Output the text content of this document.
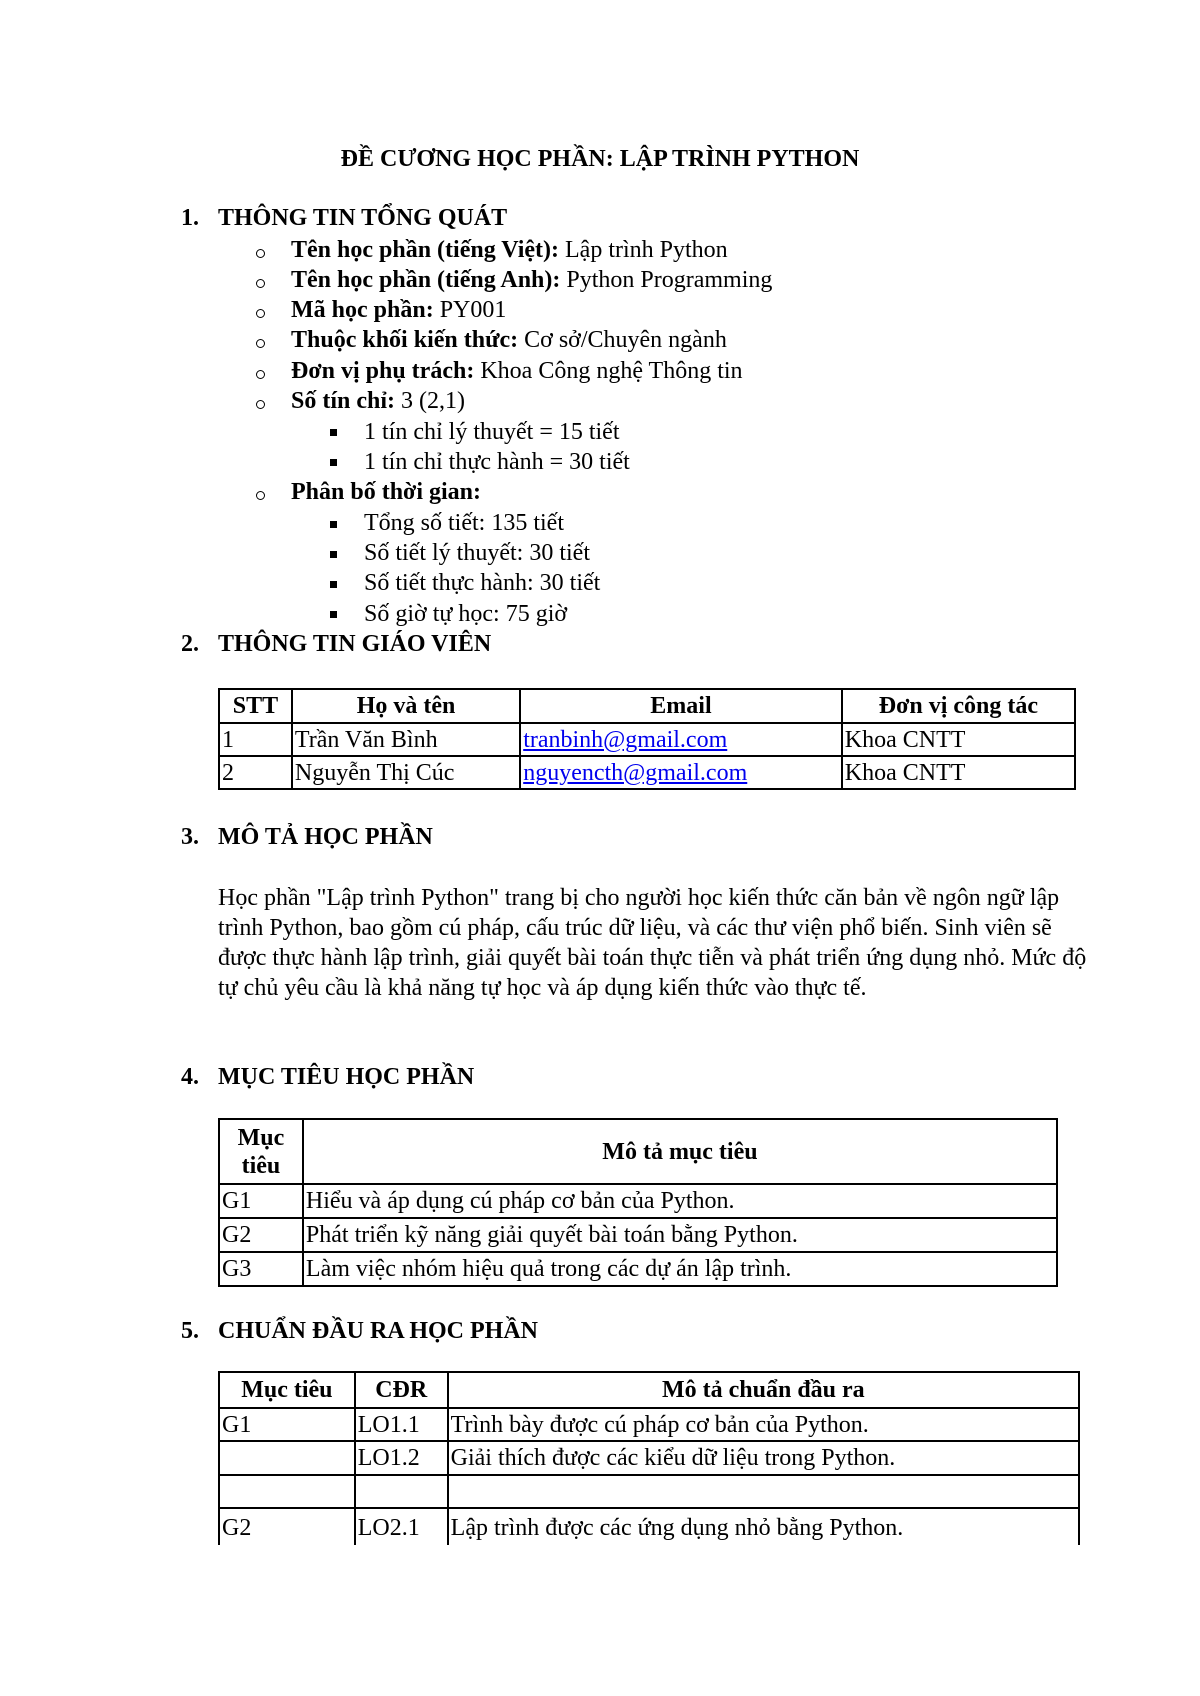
ĐỀ CƯƠNG HỌC PHẦN: LẬP TRÌNH PYTHON
1. THÔNG TIN TỔNG QUÁT
Tên học phần (tiếng Việt): Lập trình Python
Tên học phần (tiếng Anh): Python Programming
Mã học phần: PY001
Thuộc khối kiến thức: Cơ sở/Chuyên ngành
Đơn vị phụ trách: Khoa Công nghệ Thông tin
Số tín chỉ: 3 (2,1)
1 tín chỉ lý thuyết = 15 tiết
1 tín chỉ thực hành = 30 tiết
Phân bố thời gian:
Tổng số tiết: 135 tiết
Số tiết lý thuyết: 30 tiết
Số tiết thực hành: 30 tiết
Số giờ tự học: 75 giờ
2. THÔNG TIN GIÁO VIÊN
STT	Họ và tên	Email	Đơn vị công tác
1	Trần Văn Bình	tranbinh@gmail.com	Khoa CNTT
2	Nguyễn Thị Cúc	nguyencth@gmail.com	Khoa CNTT
3. MÔ TẢ HỌC PHẦN
Học phần "Lập trình Python" trang bị cho người học kiến thức căn bản về ngôn ngữ lập trình Python, bao gồm cú pháp, cấu trúc dữ liệu, và các thư viện phổ biến. Sinh viên sẽ được thực hành lập trình, giải quyết bài toán thực tiễn và phát triển ứng dụng nhỏ. Mức độ tự chủ yêu cầu là khả năng tự học và áp dụng kiến thức vào thực tế.
4. MỤC TIÊU HỌC PHẦN
Mục tiêu	Mô tả mục tiêu
G1	Hiểu và áp dụng cú pháp cơ bản của Python.
G2	Phát triển kỹ năng giải quyết bài toán bằng Python.
G3	Làm việc nhóm hiệu quả trong các dự án lập trình.
5. CHUẨN ĐẦU RA HỌC PHẦN
Mục tiêu	CĐR	Mô tả chuẩn đầu ra
G1	LO1.1	Trình bày được cú pháp cơ bản của Python.
	LO1.2	Giải thích được các kiểu dữ liệu trong Python.

G2	LO2.1	Lập trình được các ứng dụng nhỏ bằng Python.
